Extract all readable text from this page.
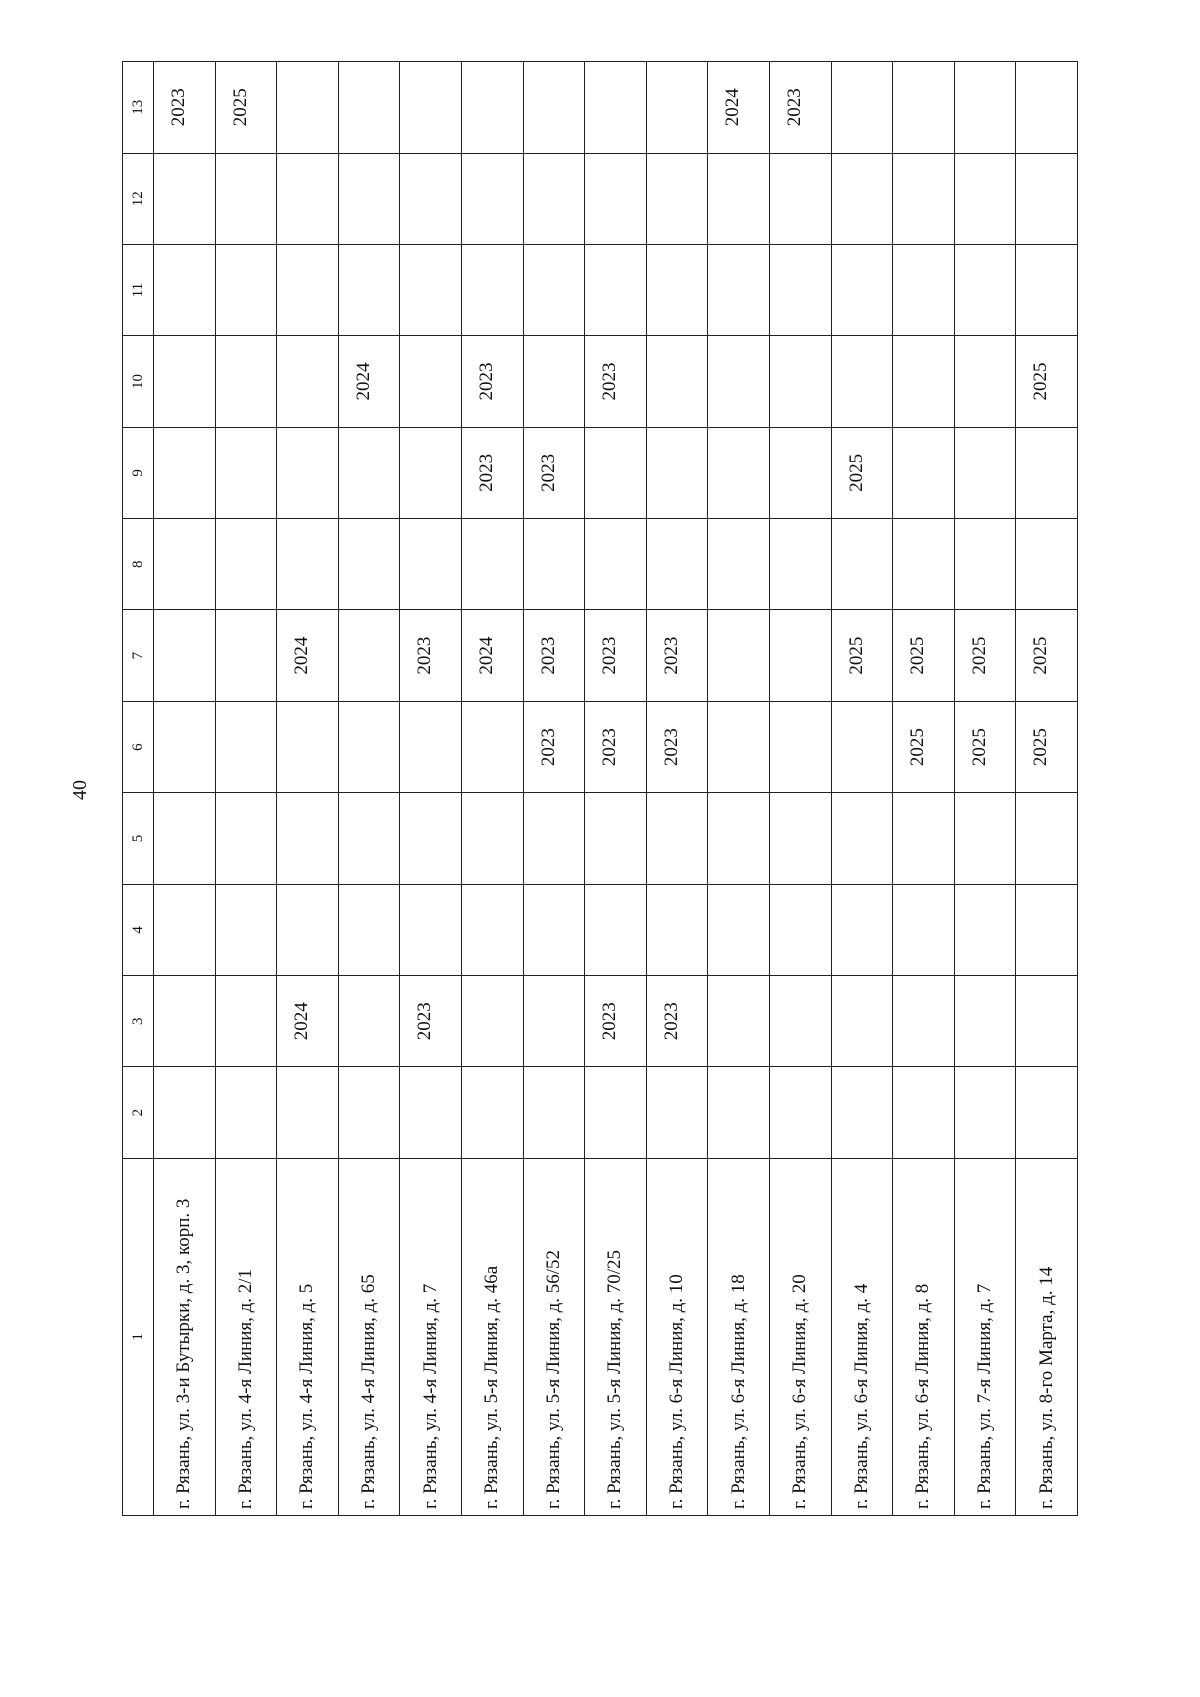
40
1	2	3	4	5	6	7	8	9	10	11	12	13
г. Рязань, ул. 3-и Бутырки, д. 3, корп. 3												2023
г. Рязань, ул. 4-я Линия, д. 2/1												2025
г. Рязань, ул. 4-я Линия, д. 5		2024				2024						
г. Рязань, ул. 4-я Линия, д. 65									2024			
г. Рязань, ул. 4-я Линия, д. 7		2023				2023						
г. Рязань, ул. 5-я Линия, д. 46а						2024		2023	2023			
г. Рязань, ул. 5-я Линия, д. 56/52					2023	2023		2023				
г. Рязань, ул. 5-я Линия, д. 70/25		2023			2023	2023			2023			
г. Рязань, ул. 6-я Линия, д. 10		2023			2023	2023						
г. Рязань, ул. 6-я Линия, д. 18												2024
г. Рязань, ул. 6-я Линия, д. 20												2023
г. Рязань, ул. 6-я Линия, д. 4						2025		2025				
г. Рязань, ул. 6-я Линия, д. 8					2025	2025						
г. Рязань, ул. 7-я Линия, д. 7					2025	2025						
г. Рязань, ул. 8-го Марта, д. 14					2025	2025			2025			
